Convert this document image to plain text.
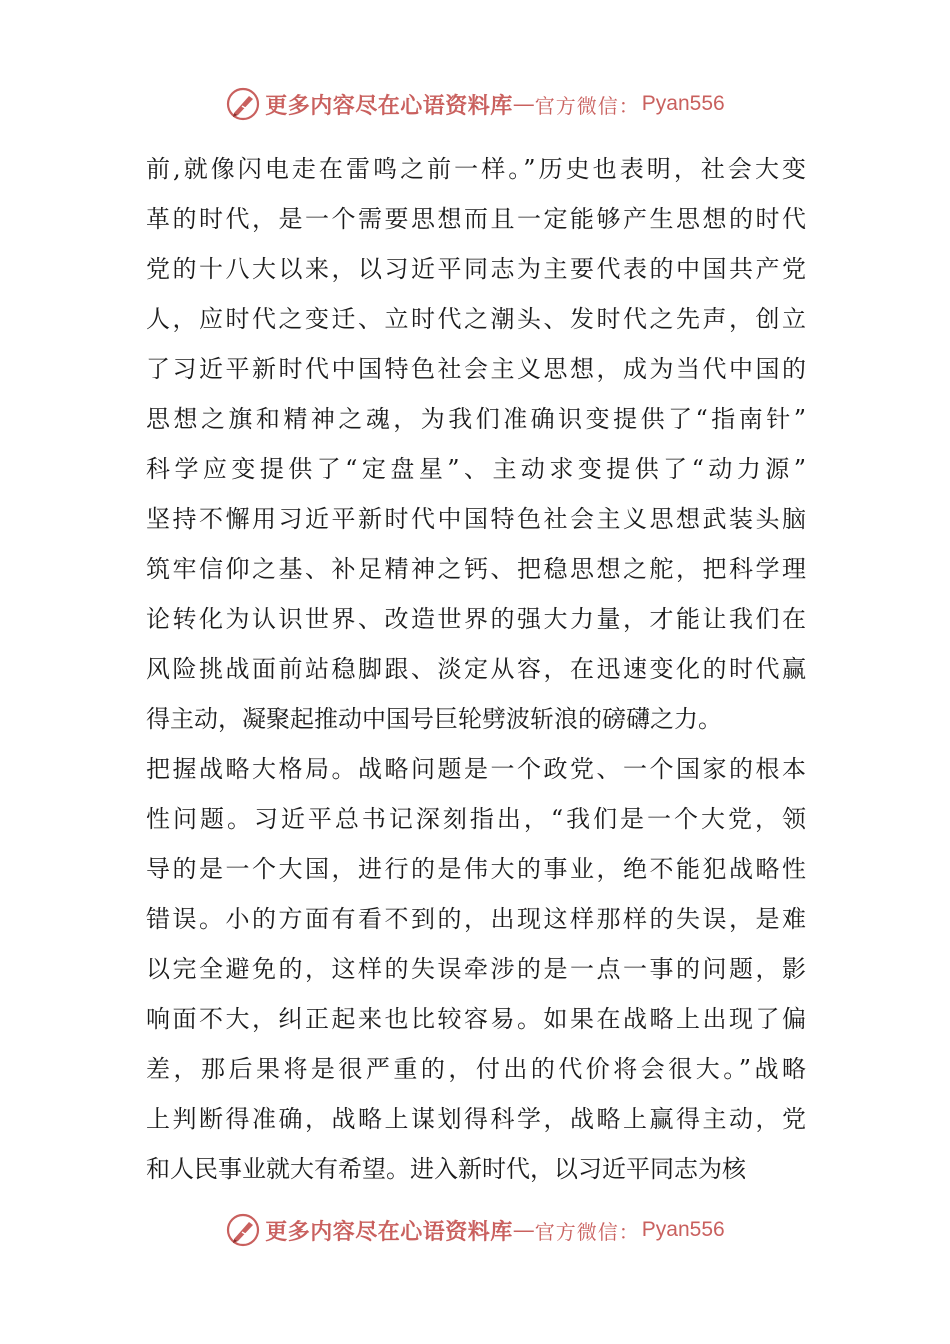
更多内容尽在心语资料库 — 官方微信： Pyan556
前,就像闪电走在雷鸣之前一样。”历史也表明，社会大变
革的时代，是一个需要思想而且一定能够产生思想的时代
党的十八大以来，以习近平同志为主要代表的中国共产党
人，应时代之变迁、立时代之潮头、发时代之先声，创立
了习近平新时代中国特色社会主义思想，成为当代中国的
思想之旗和精神之魂，为我们准确识变提供了“指南针”
科学应变提供了“定盘星”、主动求变提供了“动力源”
坚持不懈用习近平新时代中国特色社会主义思想武装头脑
筑牢信仰之基、补足精神之钙、把稳思想之舵，把科学理
论转化为认识世界、改造世界的强大力量，才能让我们在
风险挑战面前站稳脚跟、淡定从容，在迅速变化的时代赢
得主动，凝聚起推动中国号巨轮劈波斩浪的磅礴之力。
把握战略大格局。战略问题是一个政党、一个国家的根本
性问题。习近平总书记深刻指出，“我们是一个大党，领
导的是一个大国，进行的是伟大的事业，绝不能犯战略性
错误。小的方面有看不到的，出现这样那样的失误，是难
以完全避免的，这样的失误牵涉的是一点一事的问题，影
响面不大，纠正起来也比较容易。如果在战略上出现了偏
差，那后果将是很严重的，付出的代价将会很大。”战略
上判断得准确，战略上谋划得科学，战略上赢得主动，党
和人民事业就大有希望。进入新时代，以习近平同志为核
更多内容尽在心语资料库 — 官方微信： Pyan556
